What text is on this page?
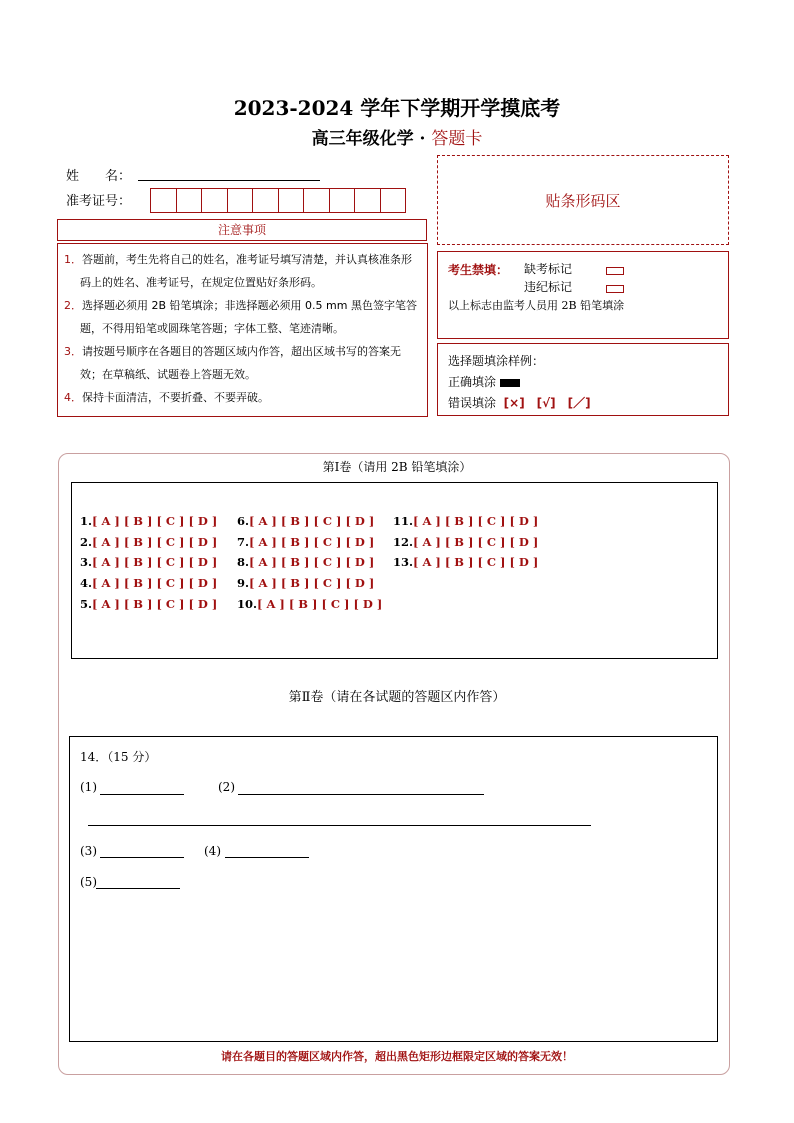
2023-2024 学年下学期开学摸底考
高三年级化学 · 答题卡
姓　　名：
准考证号：	贴条形码区
注意事项
1．答题前，考生先将自己的姓名，准考证号填写清楚，并认真核准条形码上的姓名、准考证号，在规定位置贴好条形码。
2．选择题必须用 2B 铅笔填涂；非选择题必须用 0.5 mm 黑色签字笔答题，不得用铅笔或圆珠笔答题；字体工整、笔迹清晰。
3．请按题号顺序在各题目的答题区域内作答，超出区域书写的答案无效；在草稿纸、试题卷上答题无效。
4．保持卡面清洁，不要折叠、不要弄破。
考生禁填： 缺考标记
违纪标记
以上标志由监考人员用 2B 铅笔填涂
选择题填涂样例：
正确填涂
错误填涂 [×]　[√]　[／]
第Ⅰ卷（请用 2B 铅笔填涂）
1.[ A ] [ B ] [ C ] [ D ]
2.[ A ] [ B ] [ C ] [ D ]
3.[ A ] [ B ] [ C ] [ D ]
4.[ A ] [ B ] [ C ] [ D ]
5.[ A ] [ B ] [ C ] [ D ]
6.[ A ] [ B ] [ C ] [ D ]
7.[ A ] [ B ] [ C ] [ D ]
8.[ A ] [ B ] [ C ] [ D ]
9.[ A ] [ B ] [ C ] [ D ]
10.[ A ] [ B ] [ C ] [ D ]
11.[ A ] [ B ] [ C ] [ D ]
12.[ A ] [ B ] [ C ] [ D ]
13.[ A ] [ B ] [ C ] [ D ]
第Ⅱ卷（请在各试题的答题区内作答）
14．（15 分）
(1)	(2)
(3)	(4)
(5)
请在各题目的答题区域内作答，超出黑色矩形边框限定区域的答案无效！
